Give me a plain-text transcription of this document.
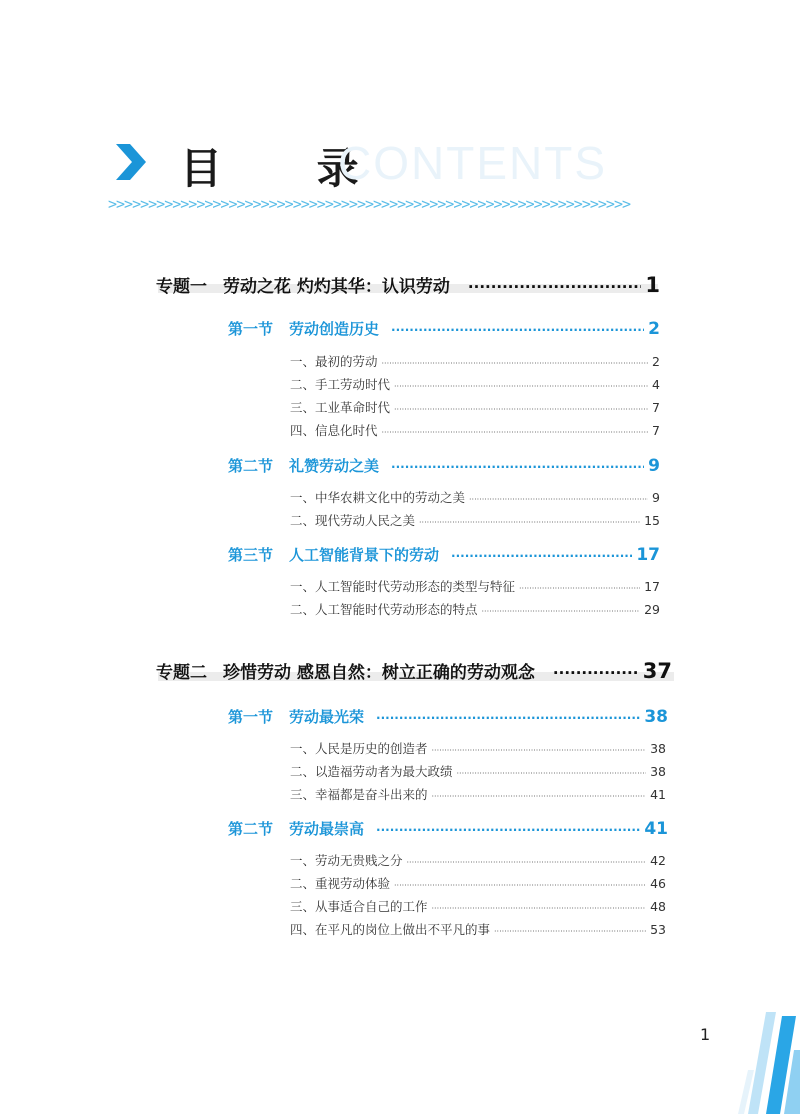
目 录
CONTENTS
>>>>>>>>>>>>>>>>>>>>>>>>>>>>>>>>>>>>>>>>>>>>>>>>>>>>>>>>>>>>>>>>>
专题一 劳动之花 灼灼其华：认识劳动 ·····	1
第一节 劳动创造历史 ·····	2
一、最初的劳动 ·····	2
二、手工劳动时代 ·····	4
三、工业革命时代 ·····	7
四、信息化时代 ·····	7
第二节 礼赞劳动之美 ·····	9
一、中华农耕文化中的劳动之美 ·····	9
二、现代劳动人民之美 ·····	15
第三节 人工智能背景下的劳动 ·····	17
一、人工智能时代劳动形态的类型与特征 ·····	17
二、人工智能时代劳动形态的特点 ·····	29
专题二 珍惜劳动 感恩自然：树立正确的劳动观念 ·····	37
第一节 劳动最光荣 ·····	38
一、人民是历史的创造者 ·····	38
二、以造福劳动者为最大政绩 ·····	38
三、幸福都是奋斗出来的 ·····	41
第二节 劳动最崇高 ·····	41
一、劳动无贵贱之分 ·····	42
二、重视劳动体验 ·····	46
三、从事适合自己的工作 ·····	48
四、在平凡的岗位上做出不平凡的事 ·····	53
1
